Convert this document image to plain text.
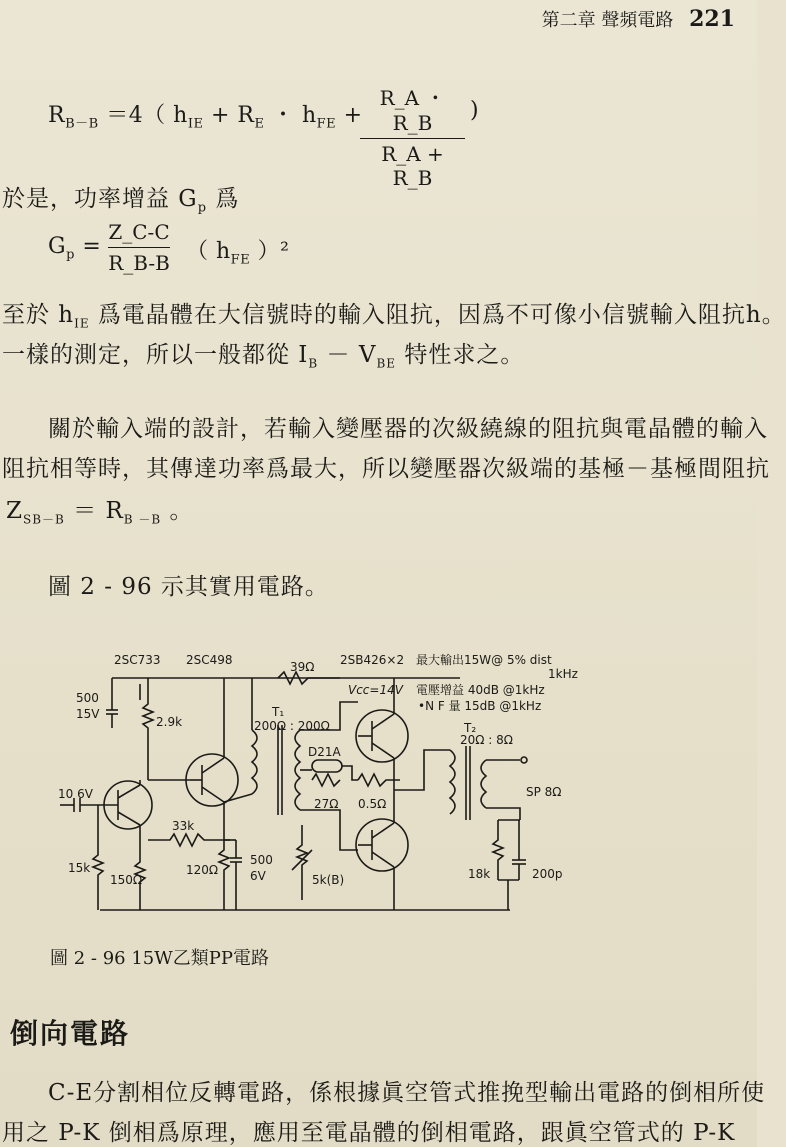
第二章 聲頻電路 221
$R_{B-B} =4$（ $h_{IE} + R_E$ ・ $h_{FE}$ +
R_A ・ R_B
R_A + R_B
)
於是，功率增益 $G_p$ 爲
$G_p$ =
Z_C-C
R_B-B （ $h_{FE}$ ）²
至於 $h_{IE}$ 爲電晶體在大信號時的輸入阻抗，因爲不可像小信號輸入阻抗h。
一樣的測定，所以一般都從 $I_B - V_{BE}$ 特性求之。
關於輸入端的設計，若輸入變壓器的次級繞線的阻抗與電晶體的輸入
阻抗相等時，其傳達功率爲最大，所以變壓器次級端的基極－基極間阻抗
$Z_{SB-B} = R_{B -B}$ 。
圖 2 - 96 示其實用電路。
2SC733 2SC498	39Ω 2SB426×2 最大輸出15W@ 5% dist
1kHz
Vcc=14V 電壓增益 40dB @1kHz
•N F 量 15dB @1kHz
500
15V
2.9k
T₁
200Ω : 200Ω	T₂
20Ω : 8Ω
D21A
27Ω 0.5Ω
10 6V
33k
15k
150Ω
120Ω
500
6V	5k(B)
SP 8Ω
18k	200p
圖 2 - 96 15W乙類PP電路
倒向電路
C-E分割相位反轉電路，係根據眞空管式推挽型輸出電路的倒相所使
用之 P-K 倒相爲原理，應用至電晶體的倒相電路，跟眞空管式的 P-K
